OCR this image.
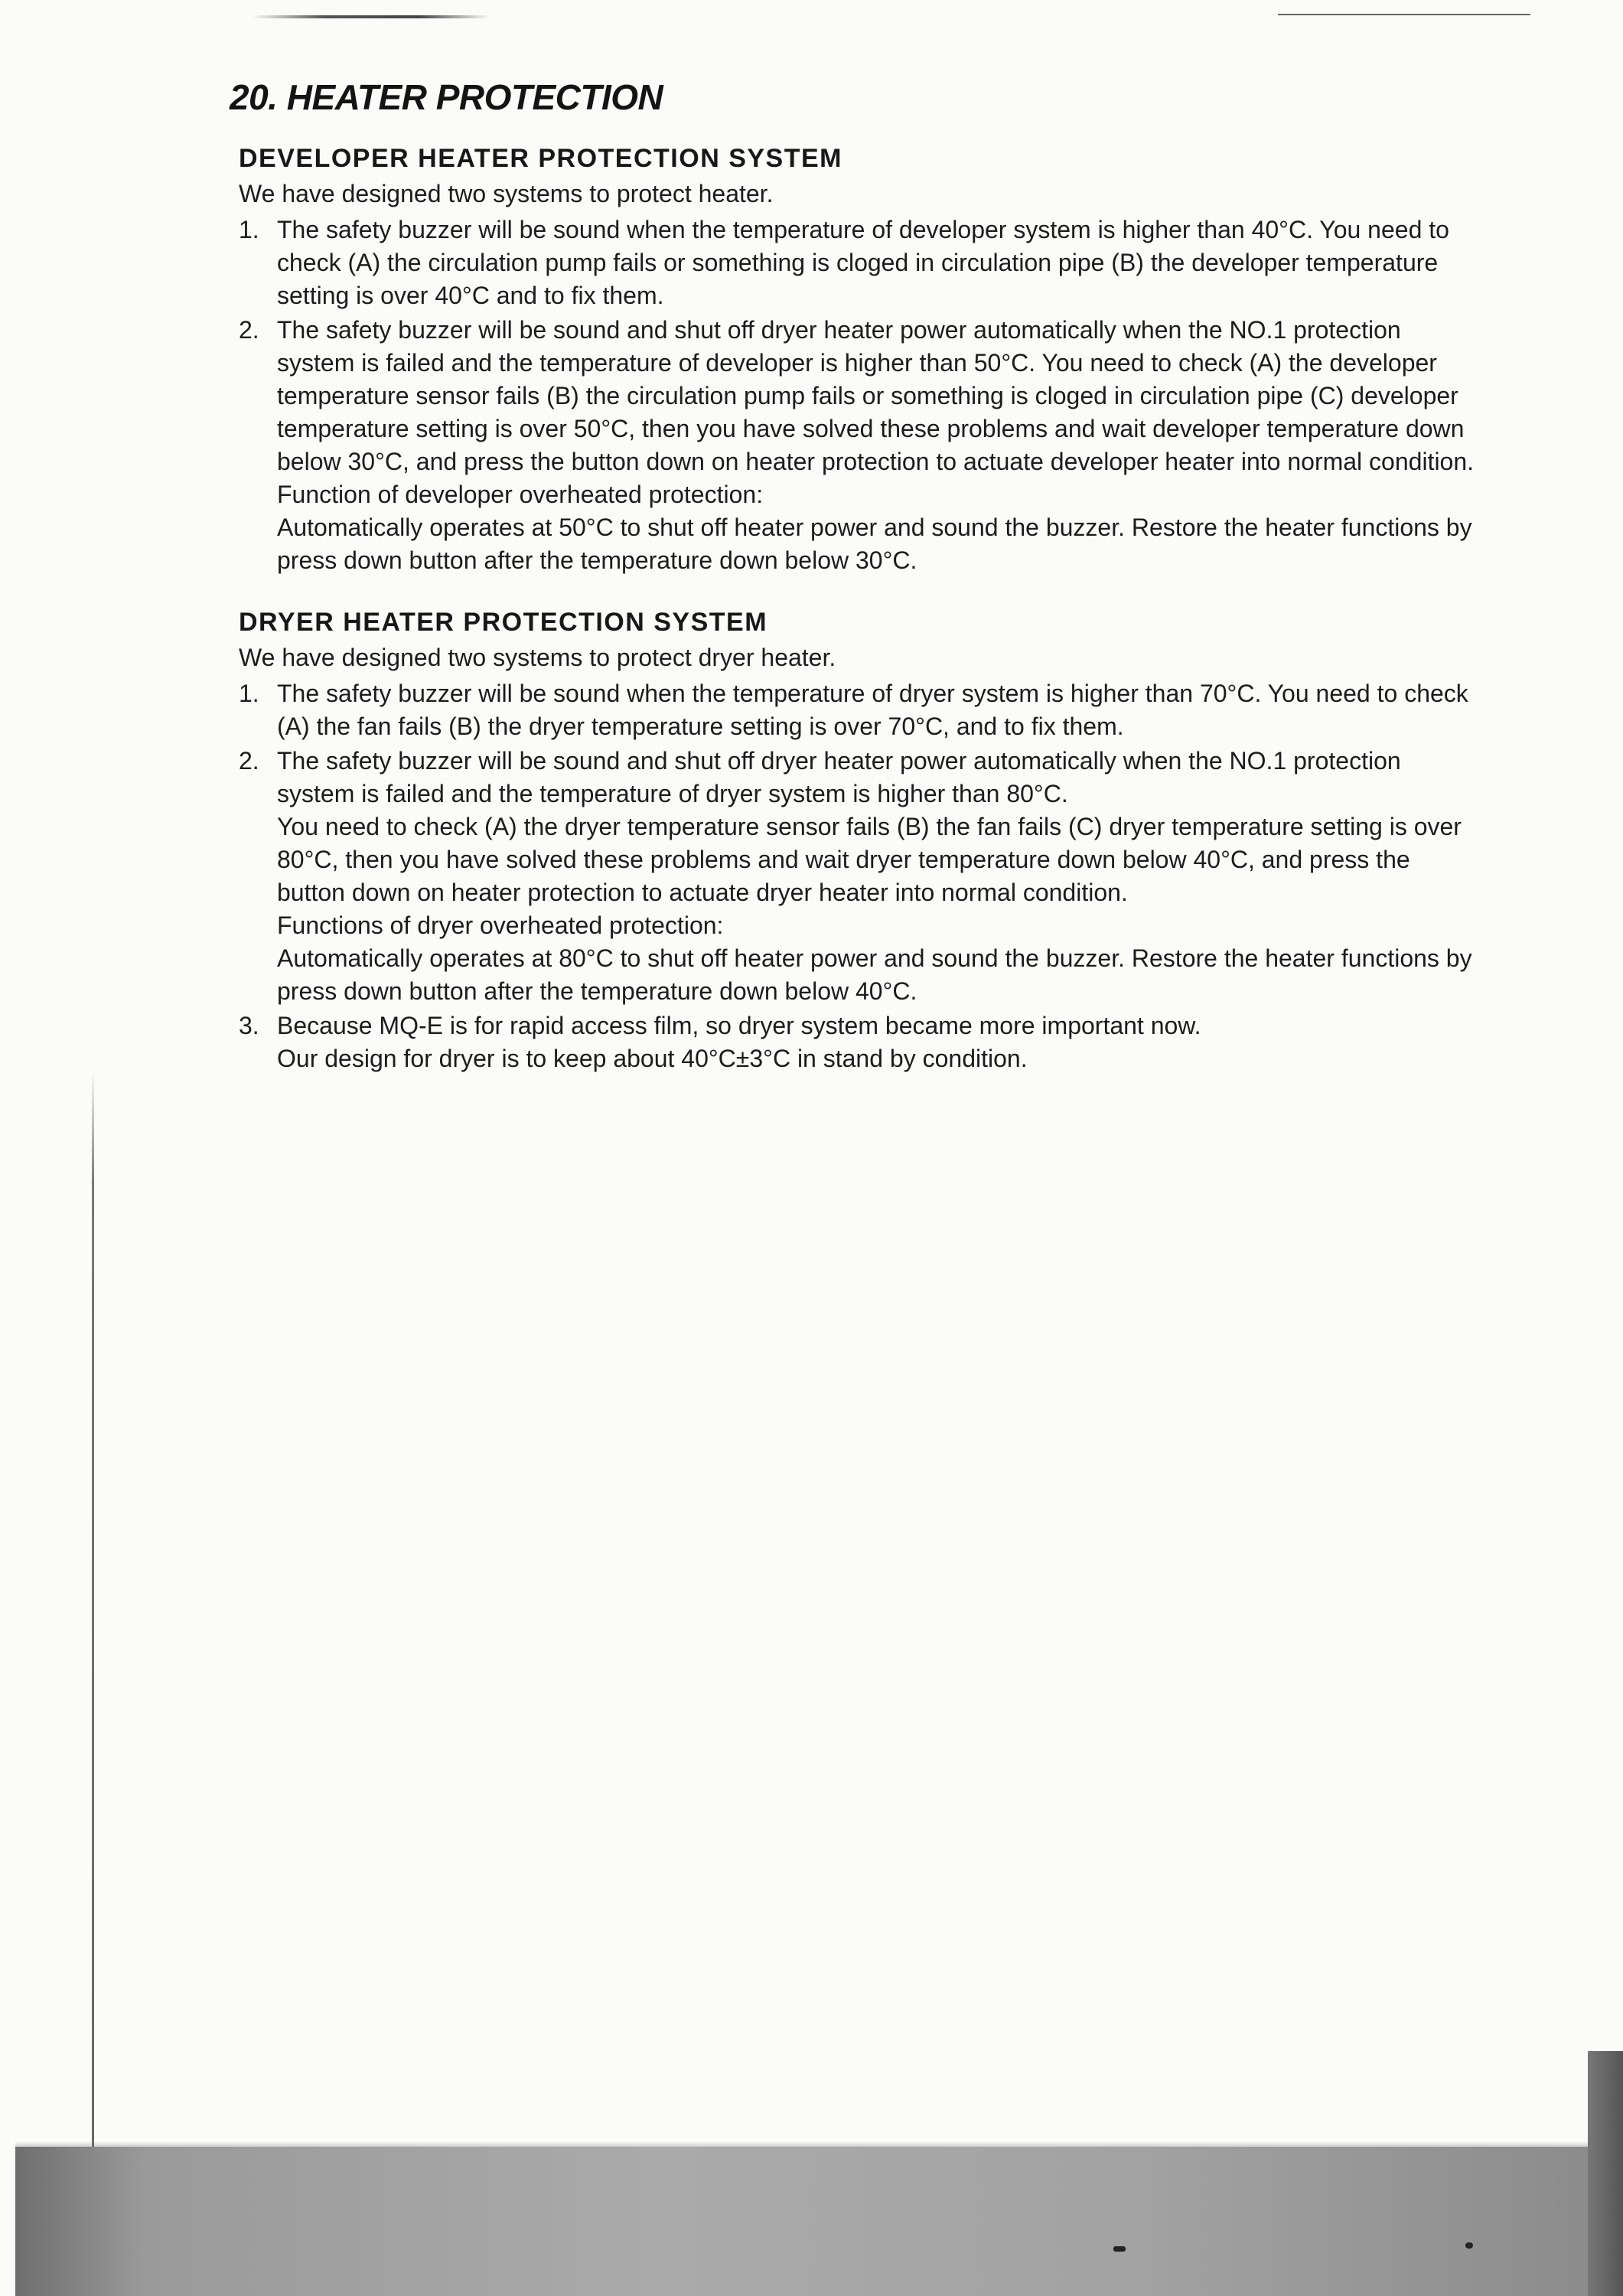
20. HEATER PROTECTION
DEVELOPER HEATER PROTECTION SYSTEM
We have designed two systems to protect heater.
1. The safety buzzer will be sound when the temperature of developer system is higher than 40°C. You need to check (A) the circulation pump fails or something is cloged in circulation pipe (B) the developer temperature setting is over 40°C and to fix them.

2. The safety buzzer will be sound and shut off dryer heater power automatically when the NO.1 protection system is failed and the temperature of developer is higher than 50°C. You need to check (A) the developer temperature sensor fails (B) the circulation pump fails or something is cloged in circulation pipe (C) developer temperature setting is over 50°C, then you have solved these problems and wait developer temperature down below 30°C, and press the button down on heater protection to actuate developer heater into normal condition.

Function of developer overheated protection:

Automatically operates at 50°C to shut off heater power and sound the buzzer. Restore the heater functions by press down button after the temperature down below 30°C.

DRYER HEATER PROTECTION SYSTEM
We have designed two systems to protect dryer heater.
1. The safety buzzer will be sound when the temperature of dryer system is higher than 70°C. You need to check (A) the fan fails (B) the dryer temperature setting is over 70°C, and to fix them.

2. The safety buzzer will be sound and shut off dryer heater power automatically when the NO.1 protection system is failed and the temperature of dryer system is higher than 80°C.

You need to check (A) the dryer temperature sensor fails (B) the fan fails (C) dryer temperature setting is over 80°C, then you have solved these problems and wait dryer temperature down below 40°C, and press the button down on heater protection to actuate dryer heater into normal condition.

Functions of dryer overheated protection:

Automatically operates at 80°C to shut off heater power and sound the buzzer. Restore the heater functions by press down button after the temperature down below 40°C.

3. Because MQ-E is for rapid access film, so dryer system became more important now.

Our design for dryer is to keep about 40°C±3°C in stand by condition.
